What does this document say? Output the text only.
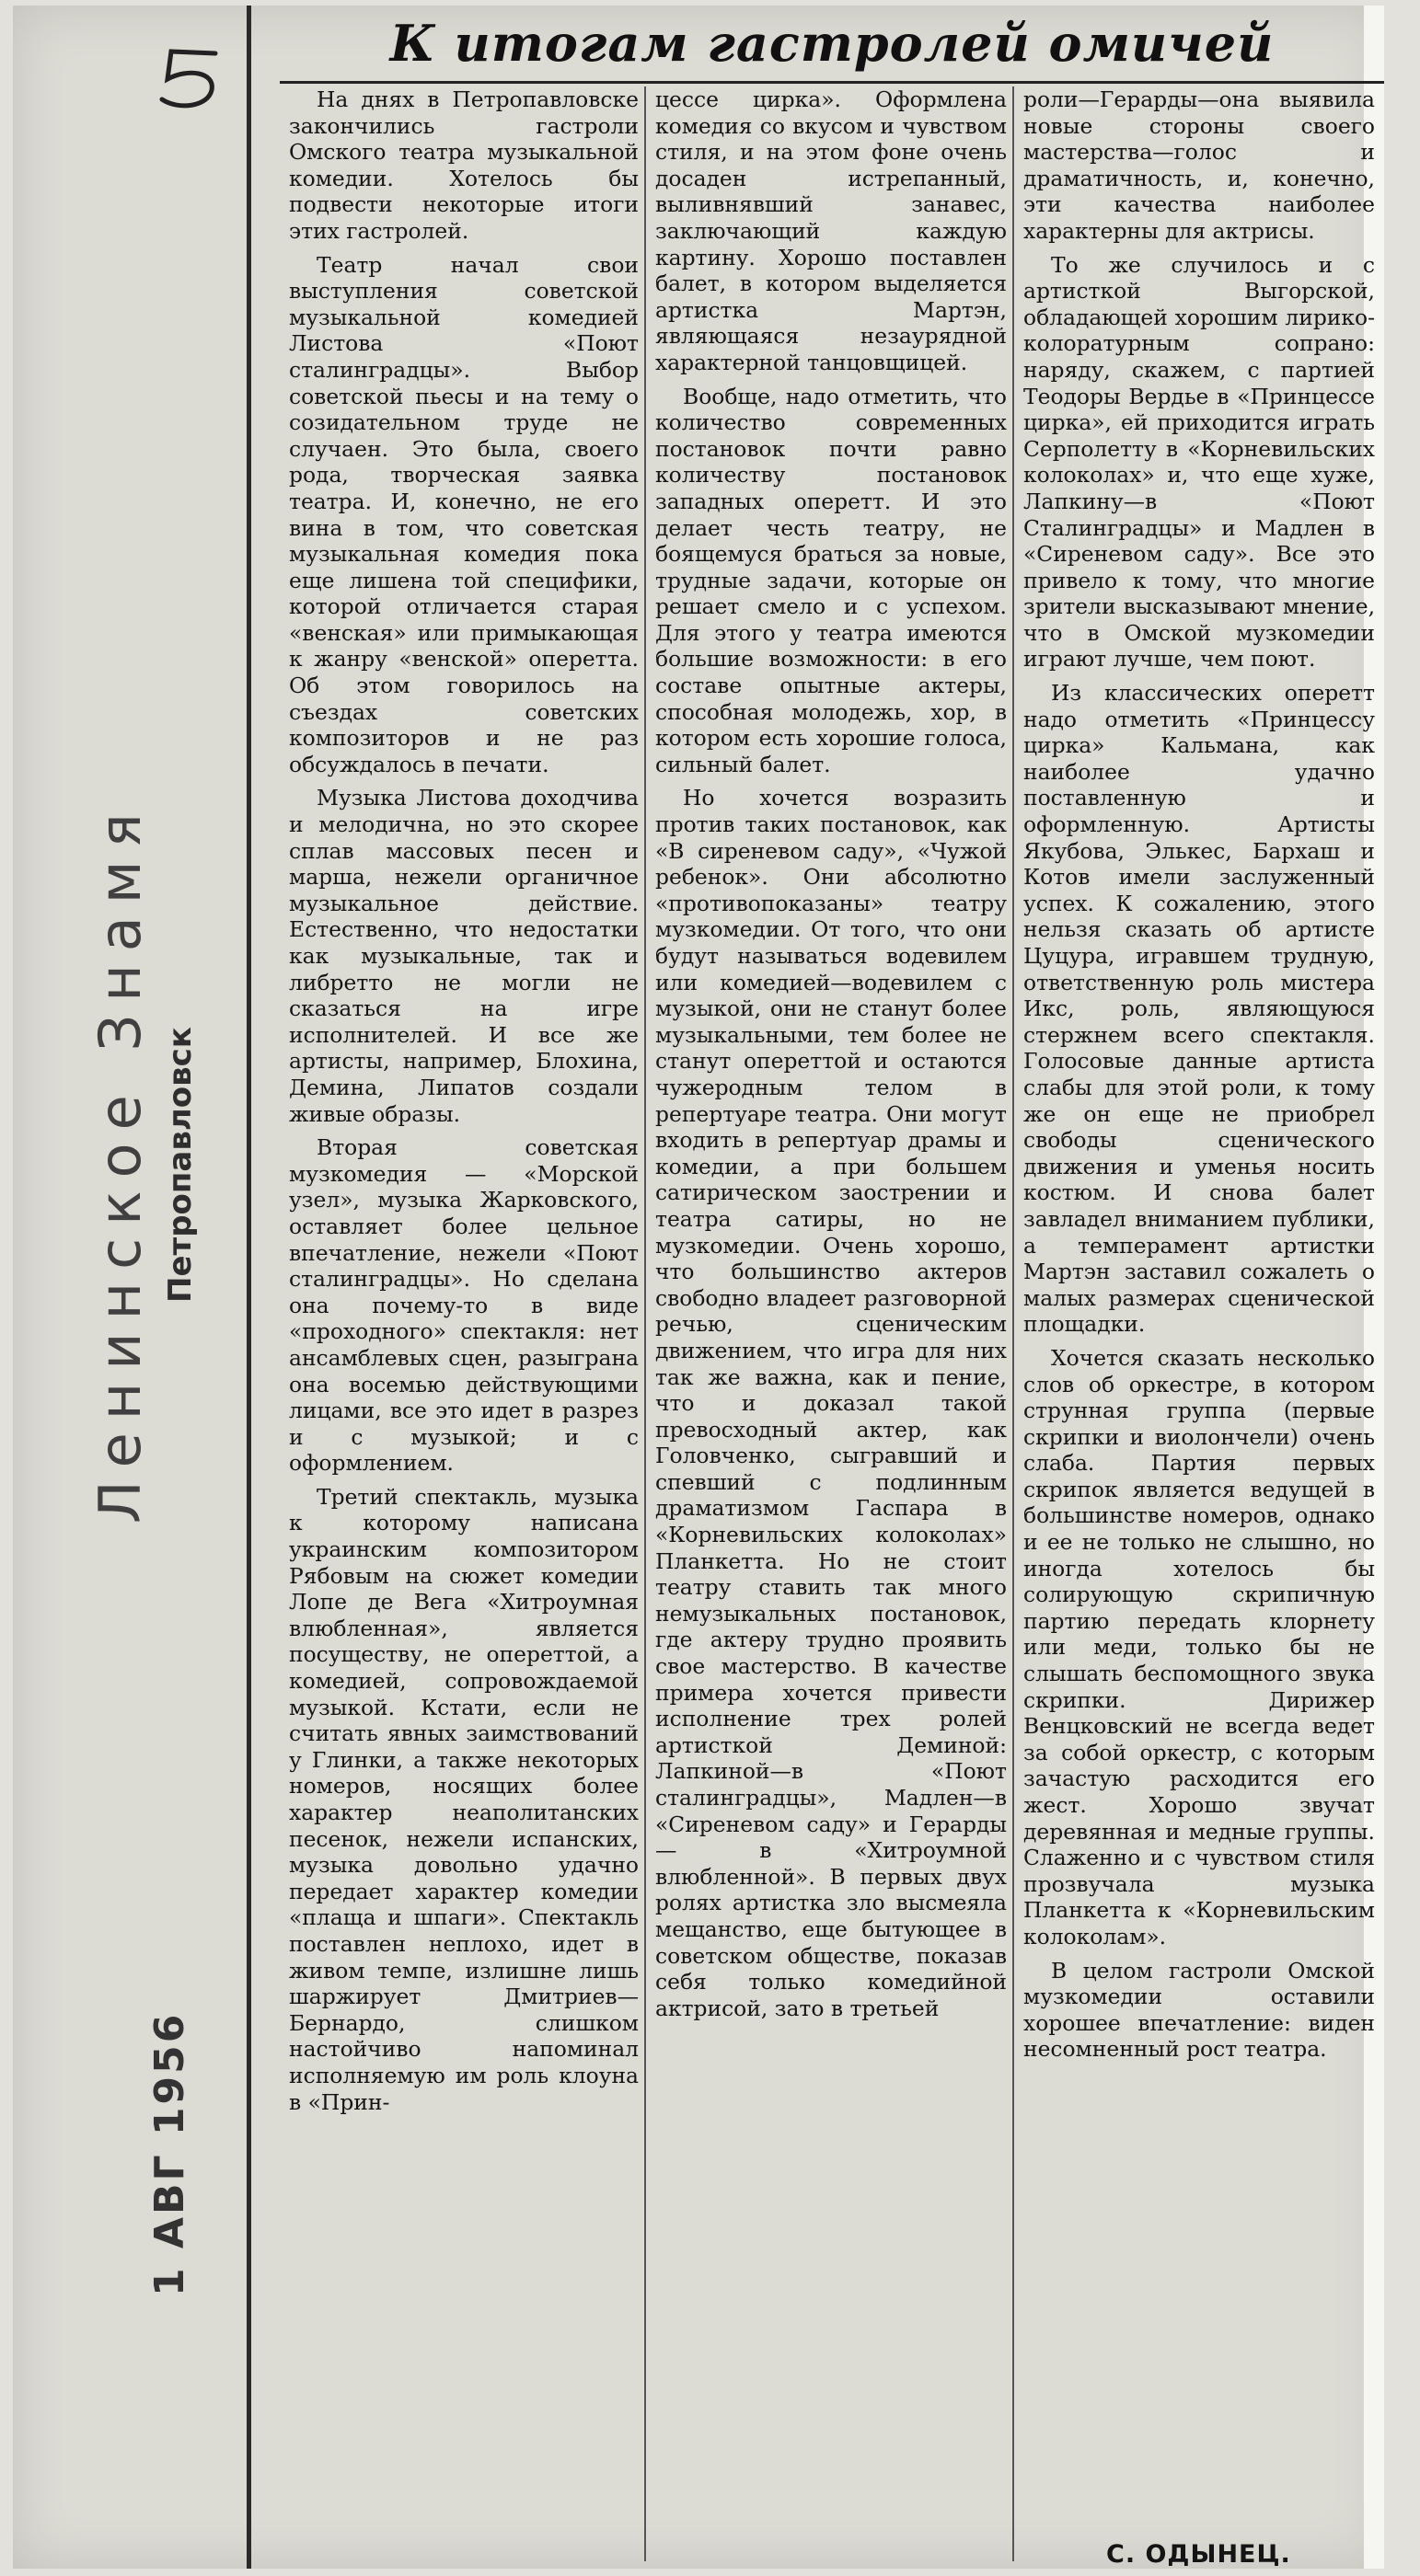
Ленинское Знамя Петропавловск
1 АВГ 1956
К итогам гастролей омичей

На днях в Петропавловске закончились гастроли Омского театра музыкальной комедии. Хотелось бы подвести некоторые итоги этих гастролей.

Театр начал свои выступления советской музыкальной комедией Листова «Поют сталинградцы». Выбор советской пьесы и на тему о созидательном труде не случаен. Это была, своего рода, творческая заявка театра. И, конечно, не его вина в том, что советская музыкальная комедия пока еще лишена той специфики, которой отличается старая «венская» или примыкающая к жанру «венской» оперетта. Об этом говорилось на съездах советских композиторов и не раз обсуждалось в печати.

Музыка Листова доходчива и мелодична, но это скорее сплав массовых песен и марша, нежели органичное музыкальное действие. Естественно, что недостатки как музыкальные, так и либретто не могли не сказаться на игре исполнителей. И все же артисты, например, Блохина, Демина, Липатов создали живые образы.

Вторая советская музкомедия — «Морской узел», музыка Жарковского, оставляет более цельное впечатление, нежели «Поют сталинградцы». Но сделана она почему-то в виде «проходного» спектакля: нет ансамблевых сцен, разыграна она восемью действующими лицами, все это идет в разрез и с музыкой; и с оформлением.

Третий спектакль, музыка к которому написана украинским композитором Рябовым на сюжет комедии Лопе де Вега «Хитроумная влюбленная», является посуществу, не опереттой, а комедией, сопровождаемой музыкой. Кстати, если не считать явных заимствований у Глинки, а также некоторых номеров, носящих более характер неаполитанских песенок, нежели испанских, музыка довольно удачно передает характер комедии «плаща и шпаги». Спектакль поставлен неплохо, идет в живом темпе, излишне лишь шаржирует Дмитриев—Бернардо, слишком настойчиво напоминал исполняемую им роль клоуна в «Прин-

цессе цирка». Оформлена комедия со вкусом и чувством стиля, и на этом фоне очень досаден истрепанный, выливнявший занавес, заключающий каждую картину. Хорошо поставлен балет, в котором выделяется артистка Мартэн, являющаяся незаурядной характерной танцовщицей.

Вообще, надо отметить, что количество современных постановок почти равно количеству постановок западных оперетт. И это делает честь театру, не боящемуся браться за новые, трудные задачи, которые он решает смело и с успехом. Для этого у театра имеются большие возможности: в его составе опытные актеры, способная молодежь, хор, в котором есть хорошие голоса, сильный балет.

Но хочется возразить против таких постановок, как «В сиреневом саду», «Чужой ребенок». Они абсолютно «противопоказаны» театру музкомедии. От того, что они будут называться водевилем или комедией—водевилем с музыкой, они не станут более музыкальными, тем более не станут опереттой и остаются чужеродным телом в репертуаре театра. Они могут входить в репертуар драмы и комедии, а при большем сатирическом заострении и театра сатиры, но не музкомедии. Очень хорошо, что большинство актеров свободно владеет разговорной речью, сценическим движением, что игра для них так же важна, как и пение, что и доказал такой превосходный актер, как Головченко, сыгравший и спевший с подлинным драматизмом Гаспара в «Корневильских колоколах» Планкетта. Но не стоит театру ставить так много немузыкальных постановок, где актеру трудно проявить свое мастерство. В качестве примера хочется привести исполнение трех ролей артисткой Деминой: Лапкиной—в «Поют сталинградцы», Мадлен—в «Сиреневом саду» и Герарды — в «Хитроумной влюбленной». В первых двух ролях артистка зло высмеяла мещанство, еще бытующее в советском обществе, показав себя только комедийной актрисой, зато в третьей

роли—Герарды—она выявила новые стороны своего мастерства—голос и драматичность, и, конечно, эти качества наиболее характерны для актрисы.

То же случилось и с артисткой Выгорской, обладающей хорошим лирико-колоратурным сопрано: наряду, скажем, с партией Теодоры Вердье в «Принцессе цирка», ей приходится играть Серполетту в «Корневильских колоколах» и, что еще хуже, Лапкину—в «Поют Сталинградцы» и Мадлен в «Сиреневом саду». Все это привело к тому, что многие зрители высказывают мнение, что в Омской музкомедии играют лучше, чем поют.

Из классических оперетт надо отметить «Принцессу цирка» Кальмана, как наиболее удачно поставленную и оформленную. Артисты Якубова, Элькес, Бархаш и Котов имели заслуженный успех. К сожалению, этого нельзя сказать об артисте Цуцура, игравшем трудную, ответственную роль мистера Икс, роль, являющуюся стержнем всего спектакля. Голосовые данные артиста слабы для этой роли, к тому же он еще не приобрел свободы сценического движения и уменья носить костюм. И снова балет завладел вниманием публики, а темперамент артистки Мартэн заставил сожалеть о малых размерах сценической площадки.

Хочется сказать несколько слов об оркестре, в котором струнная группа (первые скрипки и виолончели) очень слаба. Партия первых скрипок является ведущей в большинстве номеров, однако и ее не только не слышно, но иногда хотелось бы солирующую скрипичную партию передать клорнету или меди, только бы не слышать беспомощного звука скрипки. Дирижер Венцковский не всегда ведет за собой оркестр, с которым зачастую расходится его жест. Хорошо звучат деревянная и медные группы. Слаженно и с чувством стиля прозвучала музыка Планкетта к «Корневильским колоколам».

В целом гастроли Омской музкомедии оставили хорошее впечатление: виден несомненный рост театра.

С. ОДЫНЕЦ.
